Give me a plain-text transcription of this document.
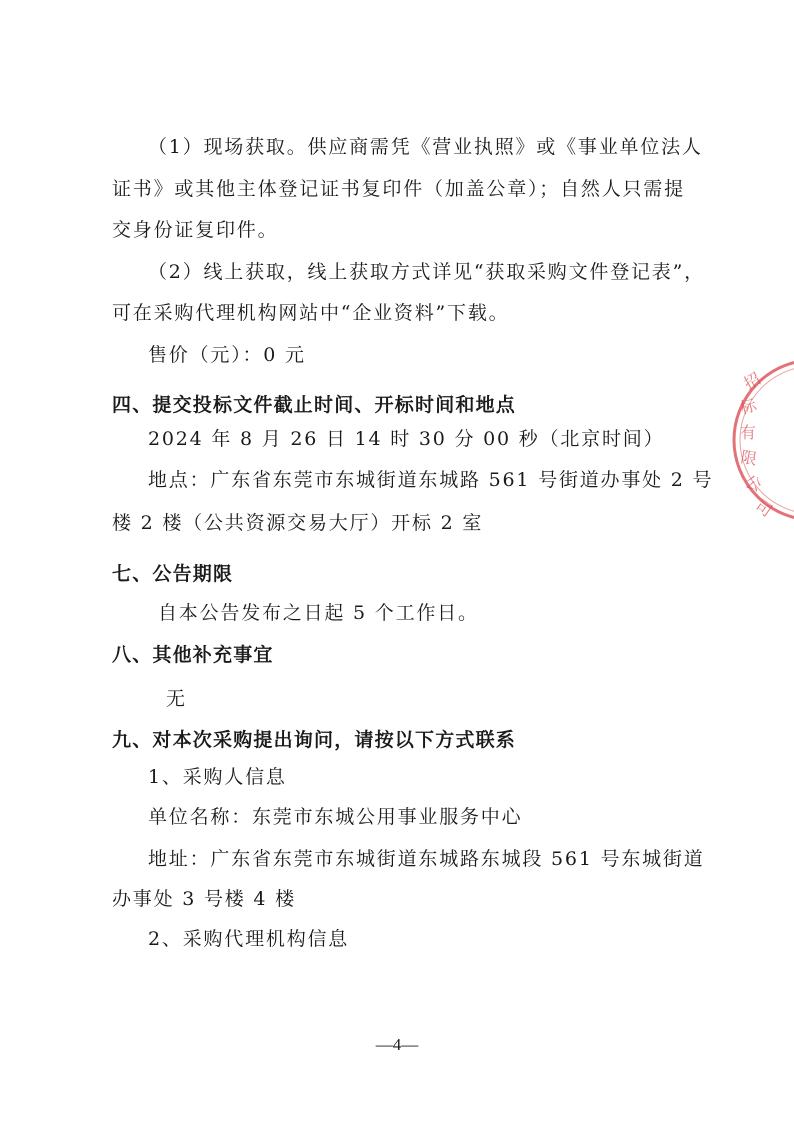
（1）现场获取。供应商需凭《营业执照》或《事业单位法人
证书》或其他主体登记证书复印件（加盖公章）；自然人只需提
交身份证复印件。
（2）线上获取，线上获取方式详见“获取采购文件登记表”，
可在采购代理机构网站中“企业资料”下载。
售价（元）：0 元
四、提交投标文件截止时间、开标时间和地点
2024 年 8 月 26 日 14 时 30 分 00 秒（北京时间）
地点：广东省东莞市东城街道东城路 561 号街道办事处 2 号
楼 2 楼（公共资源交易大厅）开标 2 室
七、公告期限
自本公告发布之日起 5 个工作日。
八、其他补充事宜
无
九、对本次采购提出询问，请按以下方式联系
1、采购人信息
单位名称：东莞市东城公用事业服务中心
地址：广东省东莞市东城街道东城路东城段 561 号东城街道
办事处 3 号楼 4 楼
2、采购代理机构信息
—4—
招
标
有
限
公
司
